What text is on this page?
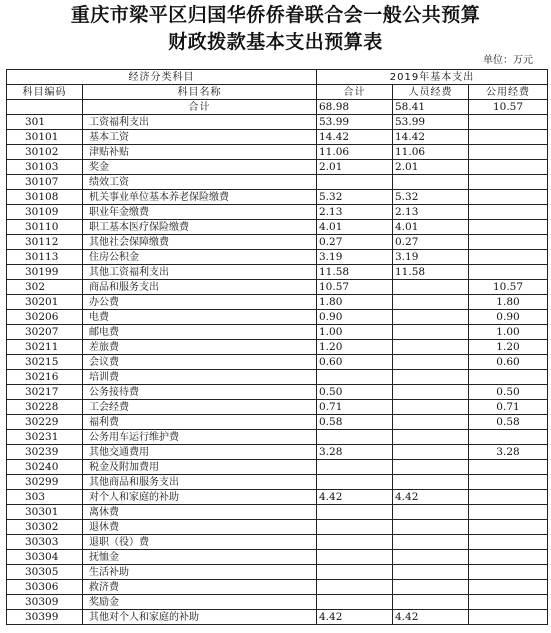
重庆市梁平区归国华侨侨眷联合会一般公共预算
财政拨款基本支出预算表
单位：万元
经济分类科目		2019年基本支出		
科目编码	科目名称	合计	人员经费	公用经费
	合计	68.98	58.41	10.57
301	工资福利支出	53.99	53.99	
30101	基本工资	14.42	14.42	
30102	津贴补贴	11.06	11.06	
30103	奖金	2.01	2.01	
30107	绩效工资			
30108	机关事业单位基本养老保险缴费	5.32	5.32	
30109	职业年金缴费	2.13	2.13	
30110	职工基本医疗保险缴费	4.01	4.01	
30112	其他社会保障缴费	0.27	0.27	
30113	住房公积金	3.19	3.19	
30199	其他工资福利支出	11.58	11.58	
302	商品和服务支出	10.57		10.57
30201	办公费	1.80		1.80
30206	电费	0.90		0.90
30207	邮电费	1.00		1.00
30211	差旅费	1.20		1.20
30215	会议费	0.60		0.60
30216	培训费			
30217	公务接待费	0.50		0.50
30228	工会经费	0.71		0.71
30229	福利费	0.58		0.58
30231	公务用车运行维护费			
30239	其他交通费用	3.28		3.28
30240	税金及附加费用			
30299	其他商品和服务支出			
303	对个人和家庭的补助	4.42	4.42	
30301	离休费			
30302	退休费			
30303	退职（役）费			
30304	抚恤金			
30305	生活补助			
30306	救济费			
30309	奖励金			
30399	其他对个人和家庭的补助	4.42	4.42	
